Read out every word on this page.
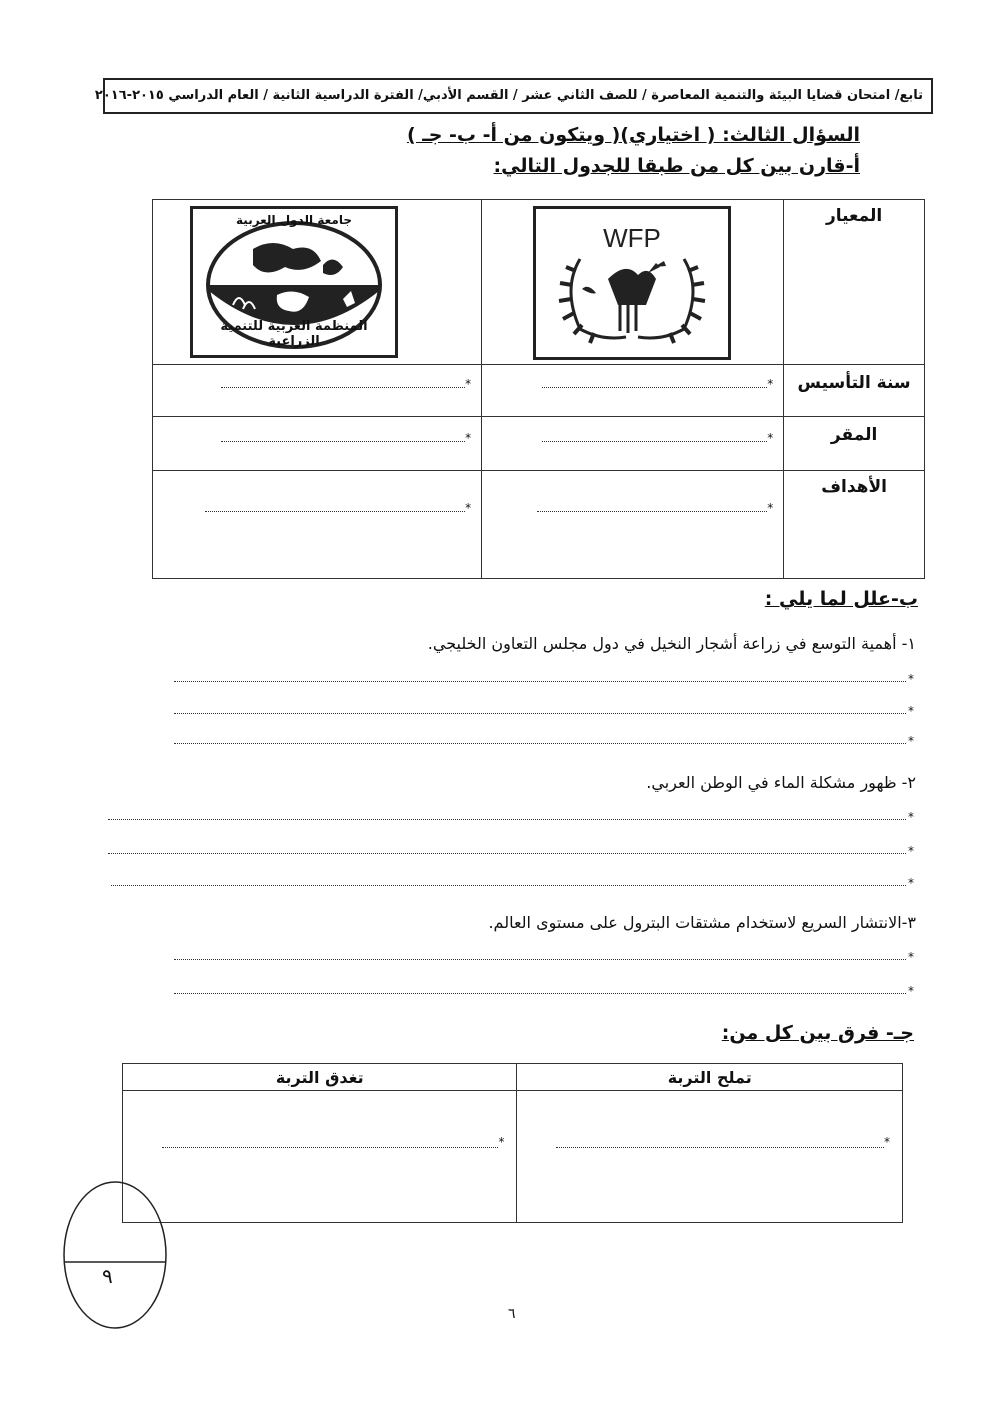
تابع/ امتحان قضايا البيئة والتنمية المعاصرة / للصف الثاني عشر / القسم الأدبي/ الفترة الدراسية الثانية / العام الدراسي ٢٠١٥-٢٠١٦
السؤال الثالث: ( اختياري)( ويتكون من أ- ب- جـ )
أ-قارن بين كل من طبقا للجدول التالي:
المعيار	WFP	جامعة الدول العربية
المنظمة العربية للتنمية الزراعية

سنة التأسيس	*	*

المقر	*	*

الأهداف	*	*
ب-علل لما يلي :
١- أهمية التوسع في زراعة أشجار النخيل في دول مجلس التعاون الخليجي.
*
*
*
٢- ظهور مشكلة الماء في الوطن العربي.
*
*
*
٣-الانتشار السريع لاستخدام مشتقات البترول على مستوى العالم.
*
*
جـ- فرق بين كل من:
تملح التربة	تغدق التربة

*	*
٩
٦
